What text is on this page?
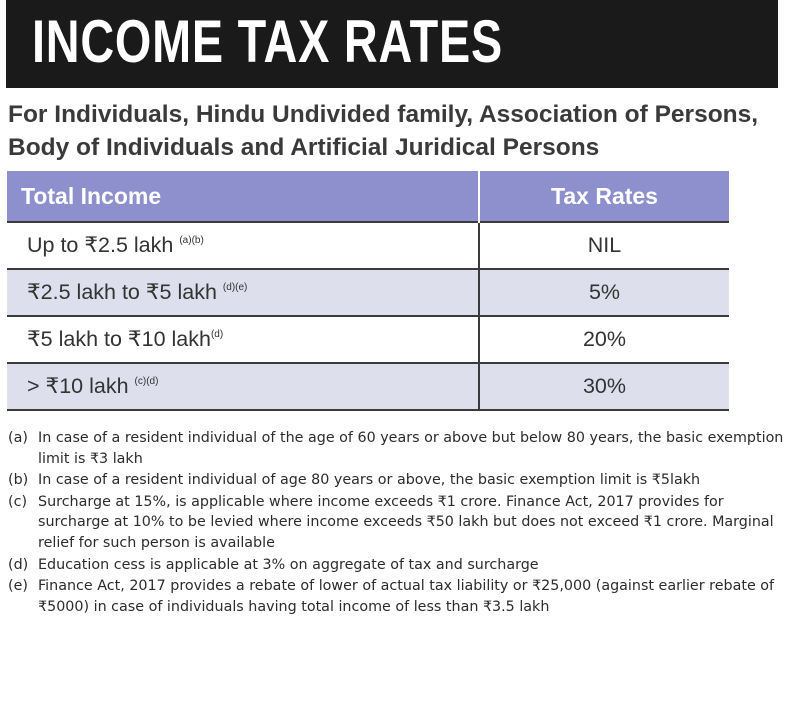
INCOME TAX RATES
For Individuals, Hindu Undivided family, Association of Persons, Body of Individuals and Artificial Juridical Persons
Total Income	Tax Rates
Up to ₹2.5 lakh $^{(a)(b)}$	NIL
₹2.5 lakh to ₹5 lakh $^{(d)(e)}$	5%
₹5 lakh to ₹10 lakh$^{(d)}$	20%
> ₹10 lakh $^{(c)(d)}$	30%
(a) In case of a resident individual of the age of 60 years or above but below 80 years, the basic exemption limit is ₹3 lakh
(b) In case of a resident individual of age 80 years or above, the basic exemption limit is ₹5lakh
(c) Surcharge at 15%, is applicable where income exceeds ₹1 crore. Finance Act, 2017 provides for surcharge at 10% to be levied where income exceeds ₹50 lakh but does not exceed ₹1 crore. Marginal relief for such person is available
(d) Education cess is applicable at 3% on aggregate of tax and surcharge
(e) Finance Act, 2017 provides a rebate of lower of actual tax liability or ₹25,000 (against earlier rebate of ₹5000) in case of individuals having total income of less than ₹3.5 lakh
